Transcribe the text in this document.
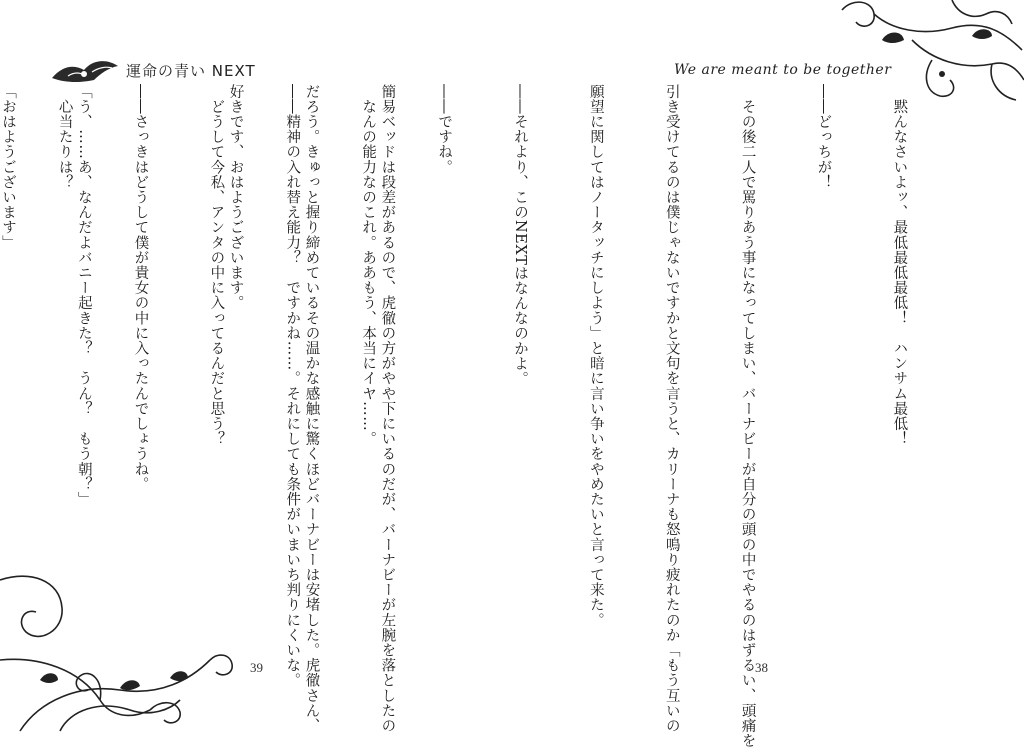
運命の青い NEXT

簡易ベッドは段差があるので、虎徹の方がやや下にいるのだが、バーナビーが左腕を落としたの

だろう。きゅっと握り締めているその温かな感触に驚くほどバーナビーは安堵した。虎徹さん、

好きです、おはようございます。

「う、……あ、なんだよバニー起きた？　うん？　もう朝？」

「おはようございます」

39
We are meant to be together

　黙んなさいよッ、最低最低最低！　ハンサム最低！

――どっちが！

　その後二人で罵りあう事になってしまい、バーナビーが自分の頭の中でやるのはずるい、頭痛を

引き受けてるのは僕じゃないですかと文句を言うと、カリーナも怒鳴り疲れたのか「もう互いの

願望に関してはノータッチにしよう」と暗に言い争いをやめたいと言って来た。

――それより、このNEXTはなんなのかよ。

――ですね。

　なんの能力なのこれ。ああもう、本当にイヤ……。

――精神の入れ替え能力？　ですかね……。それにしても条件がいまいち判りにくいな。

　どうして今私、アンタの中に入ってるんだと思う？

――さっきはどうして僕が貴女の中に入ったんでしょうね。

　心当たりは？

38
